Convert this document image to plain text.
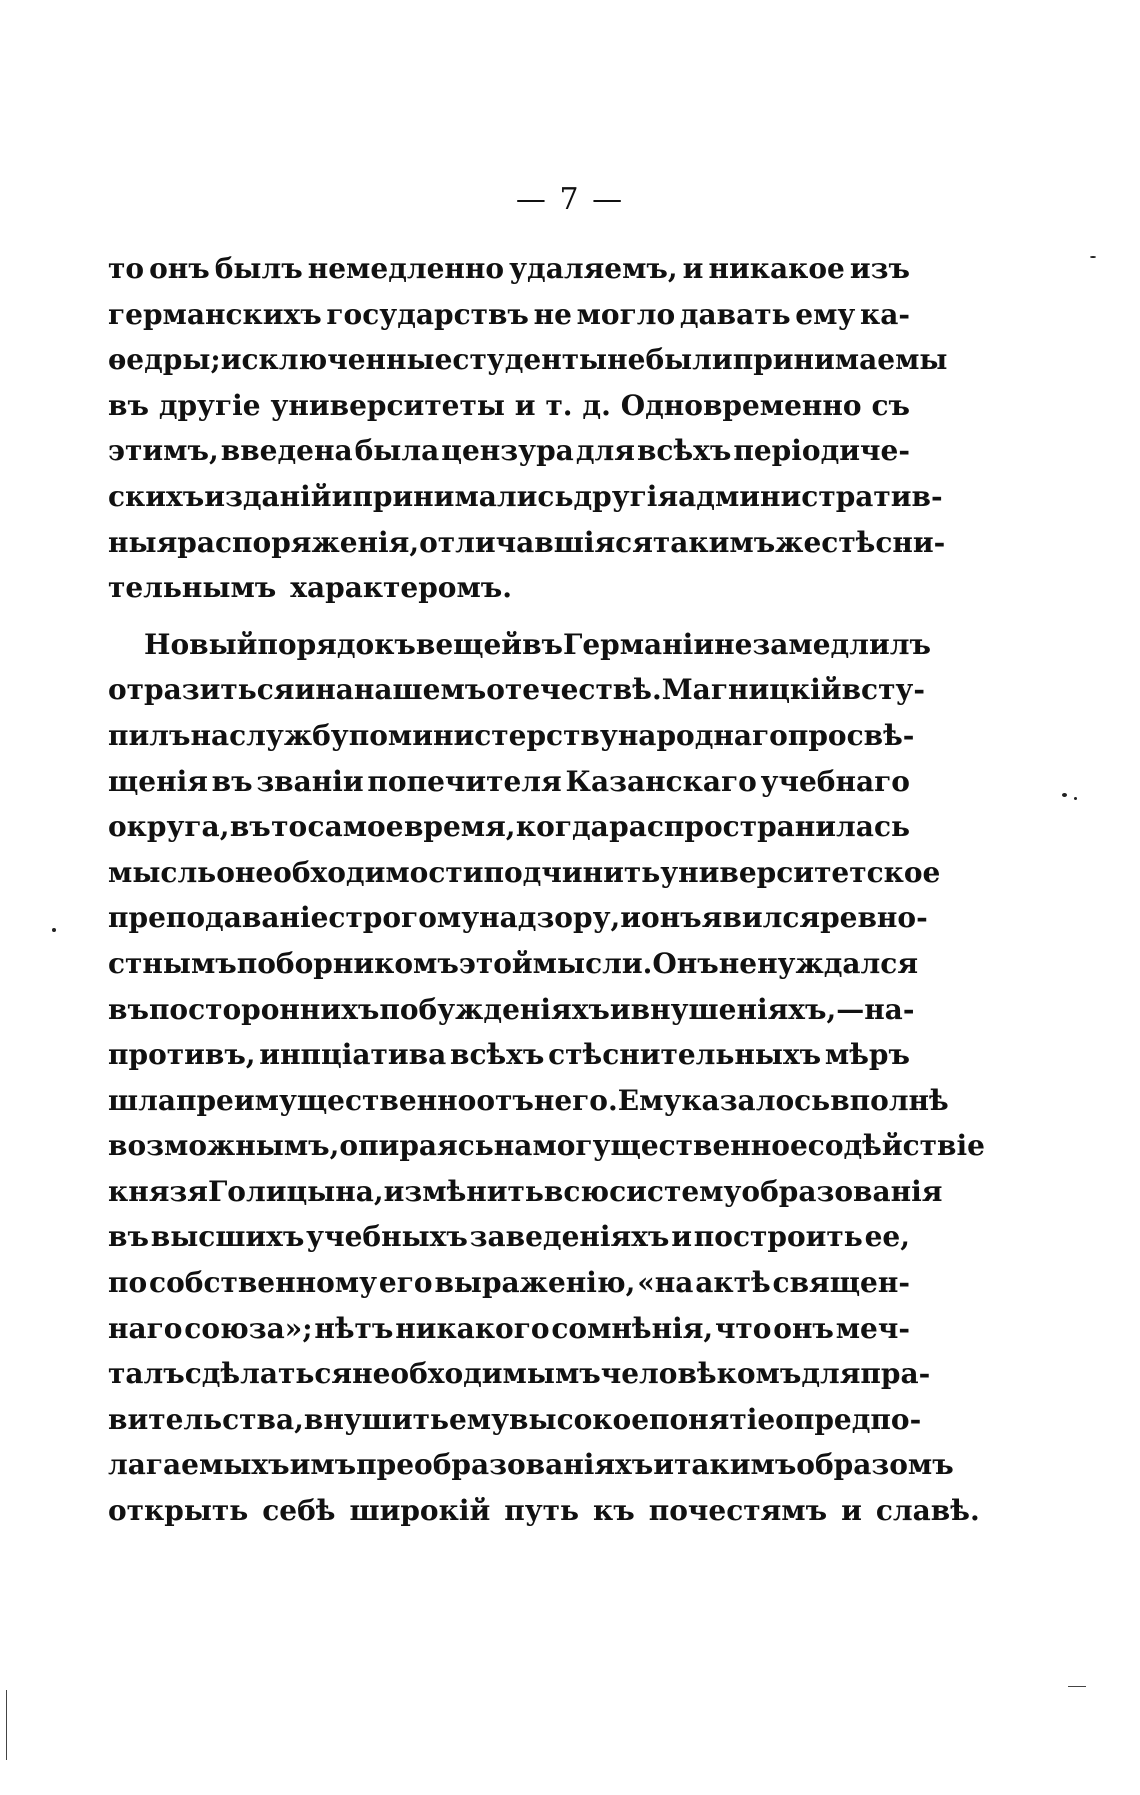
— 7 —
то онъ былъ немедленно удаляемъ, и никакое изъ
германскихъ государствъ не могло давать ему ка-
ѳедры; исключенные студенты не были принимаемы
въ другіе университеты и т. д. Одновременно съ
этимъ, введена была цензура для всѣхъ періодиче-
скихъ изданій и принимались другія административ-
ныя распоряженія, отличавшіяся такимъ же стѣсни-
тельнымъ характеромъ.
Новый порядокъ вещей въ Германіи не замедлилъ
отразиться и на нашемъ отечествѣ. Магницкій всту-
пилъ на службу по министерству народнаго просвѣ-
щенія въ званіи попечителя Казанскаго учебнаго
округа, въ то самое время, когда распространилась
мысль о необходимости подчинить университетское
преподаваніе строгому надзору, и онъ явился ревно-
стнымъ поборникомъ этой мысли. Онъ не нуждался
въ постороннихъ побужденіяхъ и внушеніяхъ, — на-
противъ, инпціатива всѣхъ стѣснительныхъ мѣръ
шла преимущественно отъ него. Ему казалось вполнѣ
возможнымъ, опираясь на могущественное содѣйствіе
князя Голицына, измѣнить всю систему образованія
въ высшихъ учебныхъ заведеніяхъ и построить ее,
по собственному его выраженію, «на актѣ священ-
наго союза»; нѣтъ никакого сомнѣнія, что онъ меч-
талъ сдѣлаться необходимымъ человѣкомъ для пра-
вительства, внушить ему высокое понятіе о предпо-
лагаемыхъ имъ преобразованіяхъ и такимъ образомъ
открыть себѣ широкій путь къ почестямъ и славѣ.
